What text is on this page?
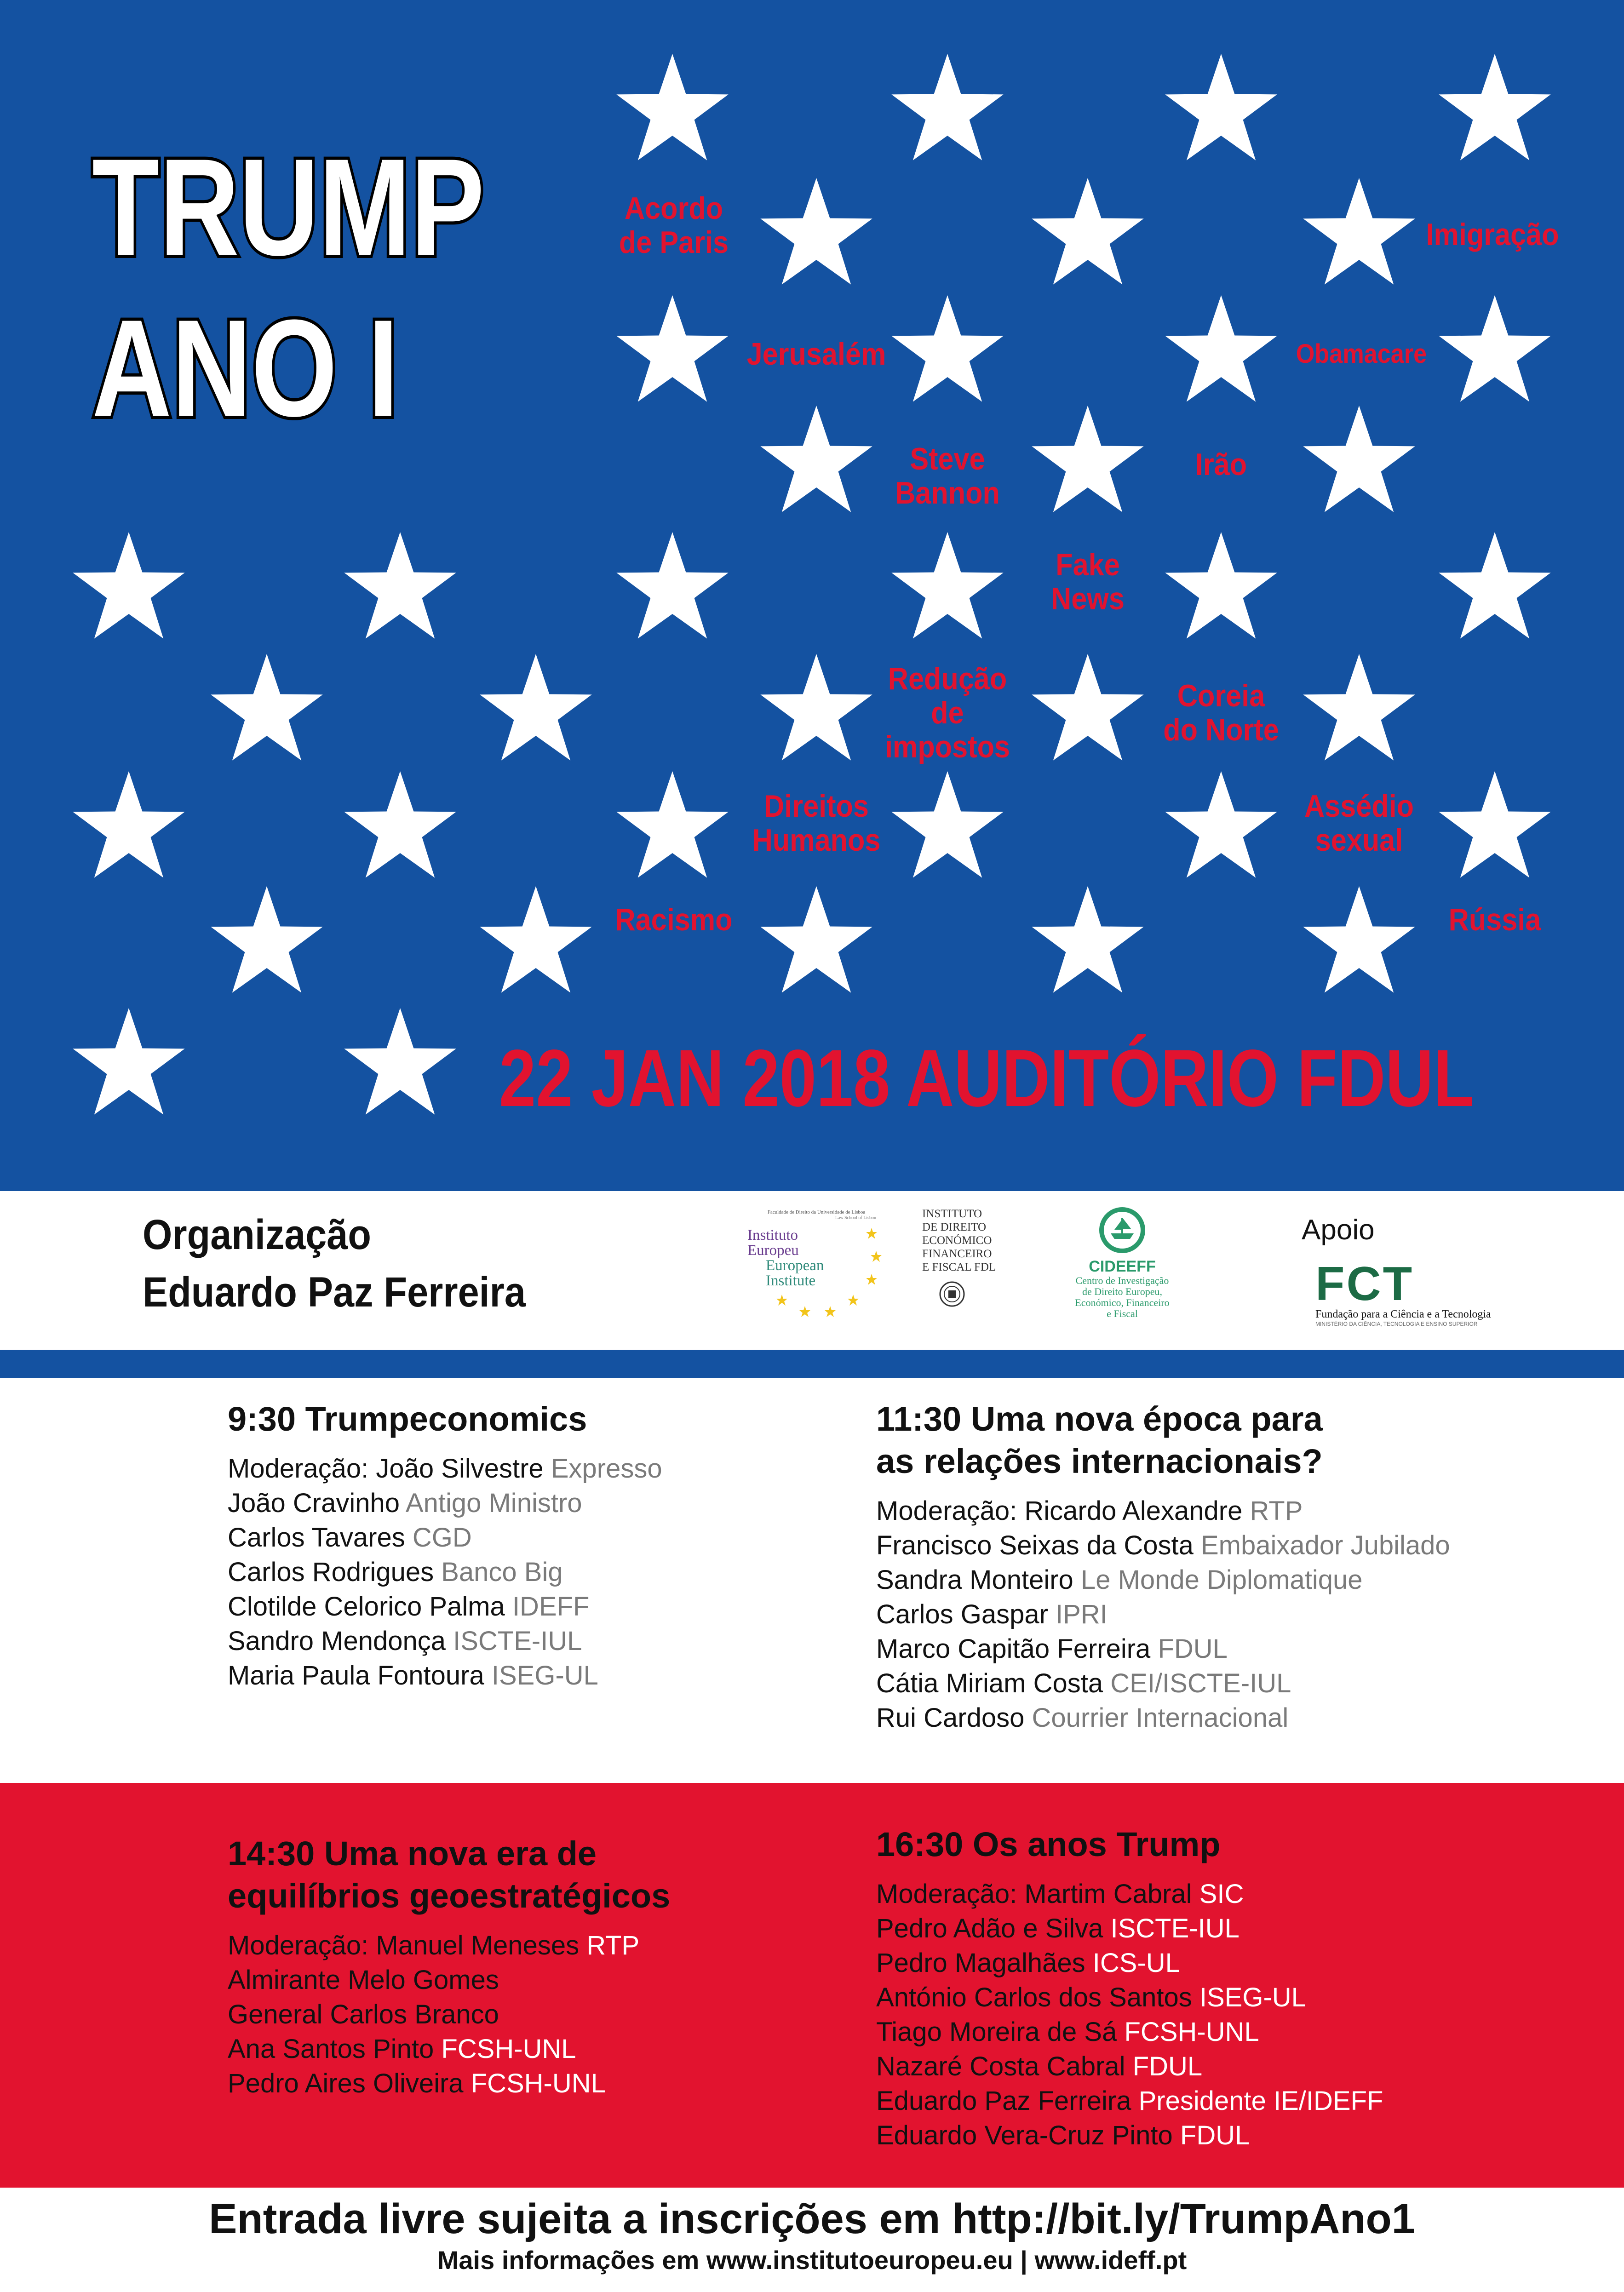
TRUMP
ANO I
Acordo
de Paris	Imigração
Jerusalém	Obamacare
Steve
Bannon
Irão
Fake
News
Redução
de
impostos
Coreia
do Norte
Direitos
Humanos
Assédio
sexual
Racismo	Rússia
22 JAN 2018 AUDITÓRIO FDUL
Organização
Eduardo Paz Ferreira
Faculdade de Direito da Universidade de Lisboa
Law School of Lisbon
Instituto
Europeu
European
Institute
INSTITUTO
DE DIREITO
ECONÓMICO
FINANCEIRO
E FISCAL FDL	CIDEEFF
Centro de Investigação
de Direito Europeu,
Económico, Financeiro
e Fiscal
Apoio
FCT
Fundação para a Ciência e a Tecnologia
MINISTÉRIO DA CIÊNCIA, TECNOLOGIA E ENSINO SUPERIOR
9:30 Trumpeconomics
Moderação: João Silvestre Expresso
João Cravinho Antigo Ministro
Carlos Tavares CGD
Carlos Rodrigues Banco Big
Clotilde Celorico Palma IDEFF
Sandro Mendonça ISCTE-IUL
Maria Paula Fontoura ISEG-UL
11:30 Uma nova época para
as relações internacionais?
Moderação: Ricardo Alexandre RTP
Francisco Seixas da Costa Embaixador Jubilado
Sandra Monteiro Le Monde Diplomatique
Carlos Gaspar IPRI
Marco Capitão Ferreira FDUL
Cátia Miriam Costa CEI/ISCTE-IUL
Rui Cardoso Courrier Internacional
14:30 Uma nova era de
equilíbrios geoestratégicos
Moderação: Manuel Meneses RTP
Almirante Melo Gomes
General Carlos Branco
Ana Santos Pinto FCSH-UNL
Pedro Aires Oliveira FCSH-UNL
16:30 Os anos Trump
Moderação: Martim Cabral SIC
Pedro Adão e Silva ISCTE-IUL
Pedro Magalhães ICS-UL
António Carlos dos Santos ISEG-UL
Tiago Moreira de Sá FCSH-UNL
Nazaré Costa Cabral FDUL
Eduardo Paz Ferreira Presidente IE/IDEFF
Eduardo Vera-Cruz Pinto FDUL
Entrada livre sujeita a inscrições em http://bit.ly/TrumpAno1
Mais informações em www.institutoeuropeu.eu | www.ideff.pt
